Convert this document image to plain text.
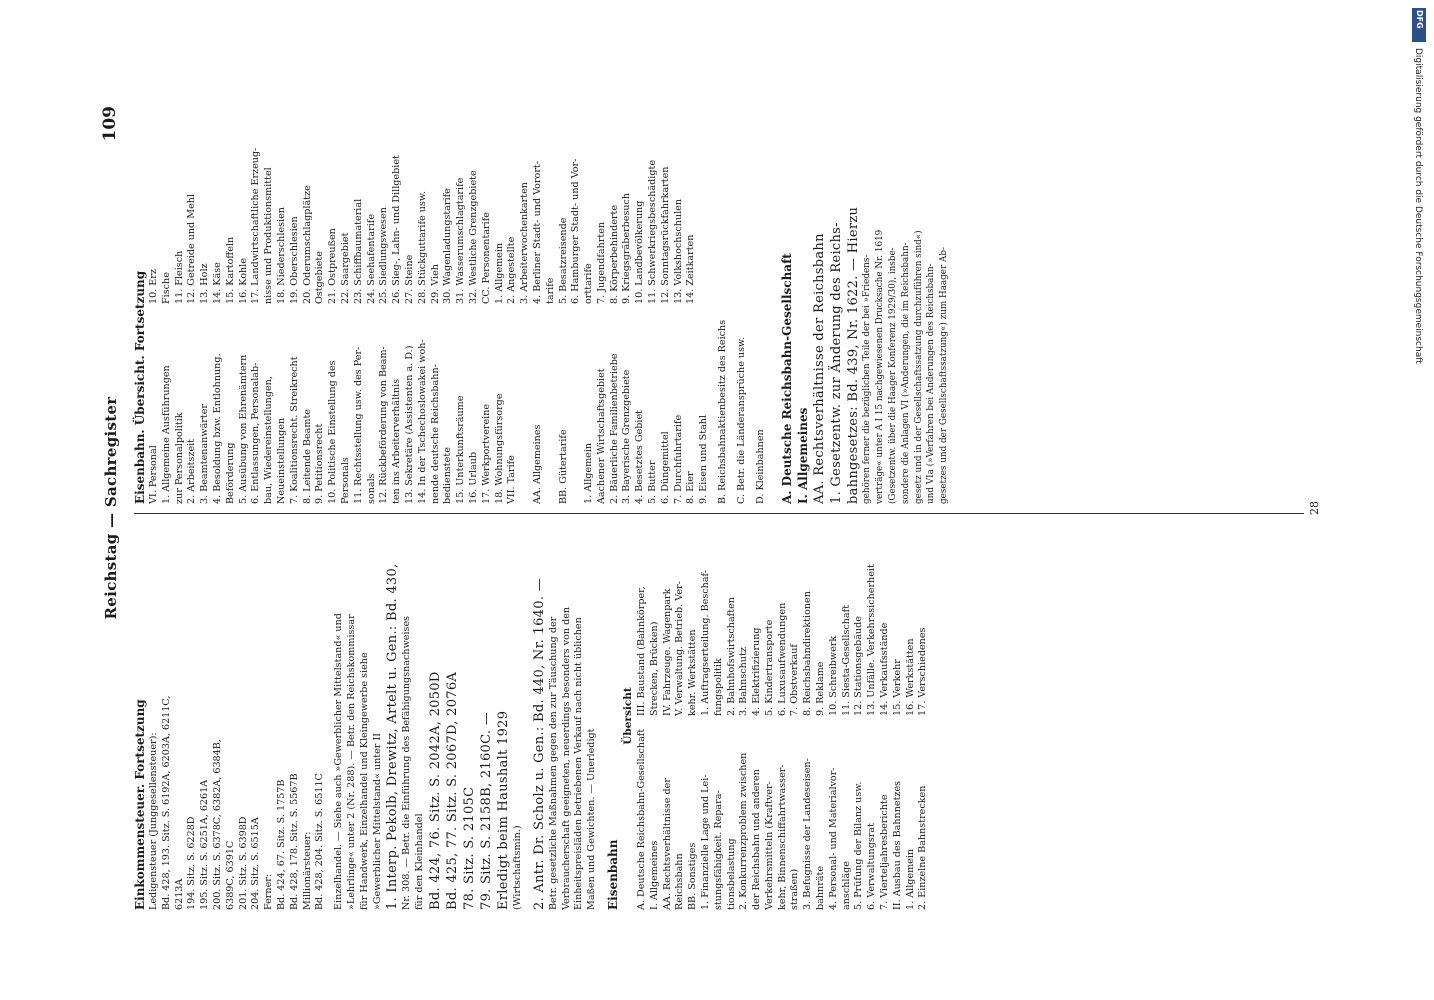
Reichstag — Sachregister
109
Einkommensteuer. Fortsetzung Ledigensteuer (Junggesellensteuer): Bd. 428, 193. Sitz. S. 6192A, 6203A, 6211C, 6213A 194. Sitz. S. 6228D 195. Sitz. S. 6251A, 6261A 200. Sitz. S. 6378C, 6382A, 6384B, 6389C, 6391C 201. Sitz. S. 6398D 204. Sitz. S. 6515A Ferner: Bd. 424, 67. Sitz. S. 1757B Bd. 428, 178. Sitz. S. 5567B Millionärsteuer: Bd. 428, 204. Sitz. S. 6511C Einzelhandel. — Siehe auch »Gewerblicher Mittelstand« und »Lehrlinge« unter 2 (Nr. 288). — Betr. den Reichskommissar für Handwerk, Einzelhandel und Kleingewerbe siehe »Gewerblicher Mittelstand« unter II 1. Interp. Pekolb, Drewitz, Artelt u. Gen.: Bd. 430, Nr. 308. — Betr. die Einführung des Befähigungsnachweises für den Kleinhandel Bd. 424, 76. Sitz. S. 2042A, 2050D Bd. 425, 77. Sitz. S. 2067D, 2076A 78. Sitz. S. 2105C 79. Sitz. S. 2158B, 2160C. — Erledigt beim Haushalt 1929 (Wirtschaftsmin.) 2. Antr. Dr. Scholz u. Gen.: Bd. 440, Nr. 1640. — Betr. gesetzliche Maßnahmen gegen den zur Täuschung der Verbraucherschaft geeigneten, neuerdings besonders von den Einheitspreisläden betriebenen Verkauf nach nicht üblichen Maßen und Gewichten. — Unerledigt Eisenbahn
Übersicht
A. Deutsche Reichsbahn-Gesellschaft
III. Baustand (Bahnkörper,
I. Allgemeines
Strecken, Brücken)
AA. Rechtsverhältnisse der
IV. Fahrzeuge. Wagenpark
Reichsbahn
V. Verwaltung. Betrieb. Ver-
BB. Sonstiges
kehr. Werkstätten
1. Finanzielle Lage und Lei-
1. Auftragserteilung. Beschaf-
stungsfähigkeit. Repara-
fungspolitik
tionsbelastung
2. Bahnhofswirtschaften
2. Konkurrenzproblem zwischen
3. Bahnschutz
der Reichsbahn und anderen
4. Elektrifizierung
Verkehrsmitteln (Kraftver-
5. Kindertransporte
kehr, Binnenschiffahrtwasser-
6. Luxusaufwendungen
straßen)
7. Obstverkauf
3. Befugnisse der Landeseisen-
8. Reichsbahndirektionen
bahnräte
9. Reklame
4. Personal- und Materialvor-
10. Schreibwerk
anschläge
11. Siesta-Gesellschaft
5. Prüfung der Bilanz usw.
12. Stationsgebäude
6. Verwaltungsrat
13. Unfälle. Verkehrssicherheit
7. Vierteljahresberichte
14. Verkaufsstände
II. Ausbau des Bahnnetzes
15. Verkehr
1. Allgemein
16. Werkstätten
2. Einzelne Bahnstrecken
17. Verschiedenes
Eisenbahn. Übersicht. Fortsetzung VI. Personal
10. Erz
1. Allgemeine Ausführungen
Fische
zur Personalpolitik
11. Fleisch
2. Arbeitszeit
12. Getreide und Mehl
3. Beamtenanwärter
13. Holz
4. Besoldung bzw. Entlohnung.
14. Käse
Beförderung
15. Kartoffeln
5. Ausübung von Ehrenämtern
16. Kohle
6. Entlassungen, Personalab-
17. Landwirtschaftliche Erzeug-
bau, Wiedereinstellungen,
nisse und Produktionsmittel
Neueinstellungen
18. Niederschlesien
7. Koalitionsrecht. Streikrecht
19. Oberschlesien
8. Leitende Beamte
20. Oderumschlagplätze
9. Petitionsrecht
Ostgebiete
10. Politische Einstellung des
21. Ostpreußen
Personals
22. Saargebiet
11. Rechtsstellung usw. des Per-
23. Schiffbaumaterial
sonals
24. Seehafentarife
12. Rückbeförderung von Beam-
25. Siedlungswesen
ten ins Arbeiterverhältnis
26. Sieg-, Lahn- und Dillgebiet
13. Sekretäre (Assistenten a. D.)
27. Steine
14. In der Tschechoslowakei woh-
28. Stückguttarife usw.
nende deutsche Reichsbahn-
29. Vieh
bedienstete
30. Wagenladungstarife
15. Unterkunftsräume
31. Wasserumschlagtarife
16. Urlaub
32. Westliche Grenzgebiete
17. Werkportvereine
CC. Personentarife
18. Wohnungsfürsorge
1. Allgemein
VII. Tarife
2. Angestellte 3. Arbeiterwochenkarten
AA. Allgemeines
4. Berliner Stadt- und Vorort- tarife
BB. Gütertarife
5. Besatzreisende 6. Hamburger Stadt- und Vor-
1. Allgemein
orttarife
Aachener Wirtschaftsgebiet
7. Jugendfahrten
2. Bäuerliche Familienbetriebe
8. Körperbehinderte
3. Bayerische Grenzgebiete
9. Kriegsgräberbesuch
4. Besetztes Gebiet
10. Landbevölkerung
5. Butter
11. Schwerkriegsbeschädigte
6. Düngemittel
12. Sonntagsrückfahrkarten
7. Durchfuhrtarife
13. Volkshochschulen
8. Eier
14. Zeitkarten
9. Eisen und Stahl B. Reichsbahnaktienbesitz des Reichs C. Betr. die Länderansprüche usw. D. Kleinbahnen A. Deutsche Reichsbahn-Gesellschaft I. Allgemeines AA. Rechtsverhältnisse der Reichsbahn 1. Gesetzentw. zur Änderung des Reichs- bahngesetzes: Bd. 439, Nr. 1622. — Hierzu gehören ferner die bezüglichen Teile der bei »Friedens- verträge« unter A I 15 nachgewiesenen Drucksache Nr. 1619 (Gesetzentw. über die Haager Konferenz 1929/30), insbe- sondere die Anlagen VI (»Änderungen, die im Reichsbahn- gesetz und in der Gesellschaftssatzung durchzuführen sind«) und VIa (»Verfahren bei Änderungen des Reichsbahn- gesetzes und der Gesellschaftssatzung«) zum Haager Ab-
28
DFG
Digitalisierung gefördert durch die Deutsche Forschungsgemeinschaft
